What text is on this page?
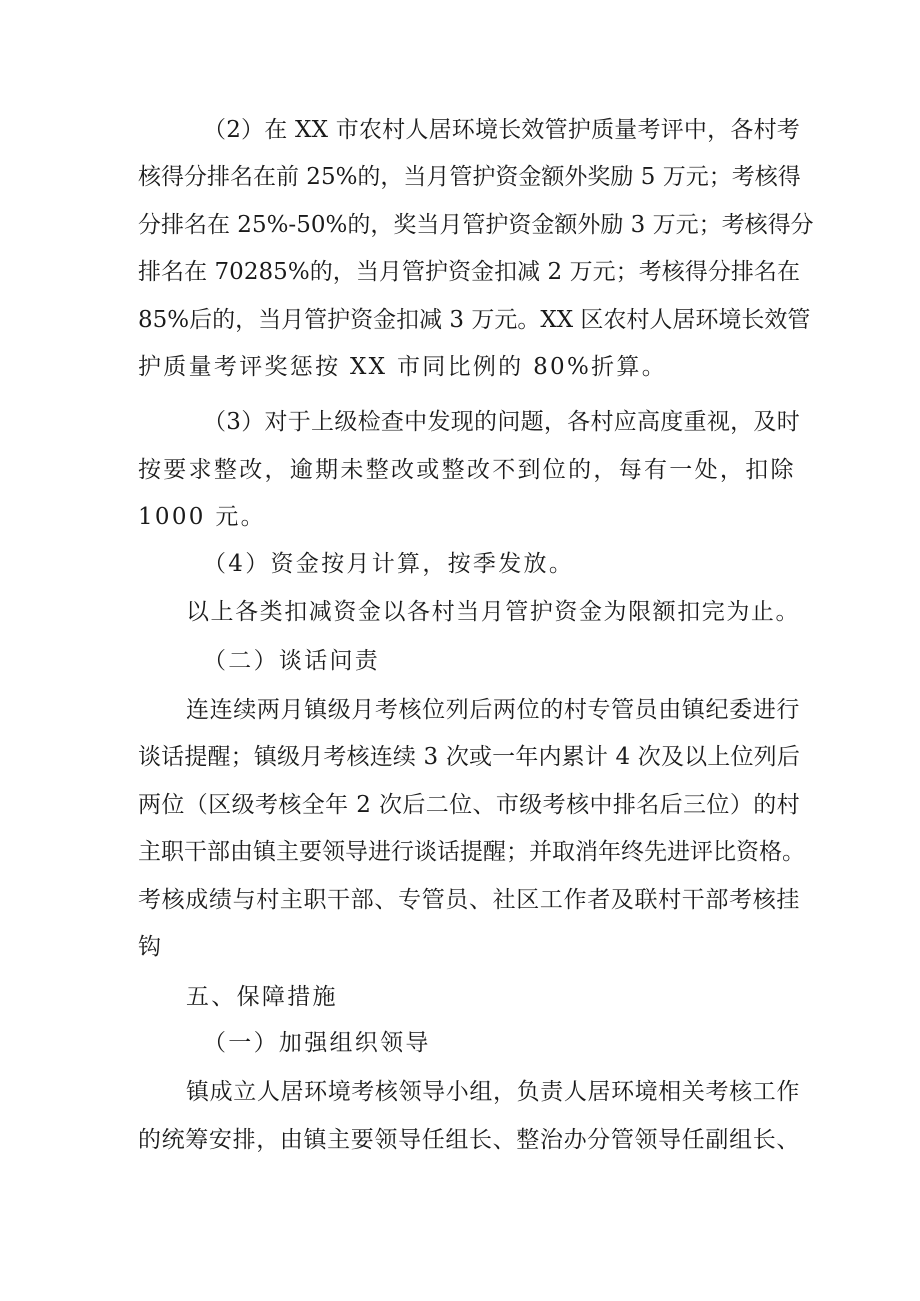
（2）在 XX 市农村人居环境长效管护质量考评中，各村考
核得分排名在前 25%的，当月管护资金额外奖励 5 万元；考核得
分排名在 25%-50%的，奖当月管护资金额外励 3 万元；考核得分
排名在 70285%的，当月管护资金扣减 2 万元；考核得分排名在
85%后的，当月管护资金扣减 3 万元。XX 区农村人居环境长效管
护质量考评奖惩按 XX 市同比例的 80%折算。
（3）对于上级检查中发现的问题，各村应高度重视，及时
按要求整改，逾期未整改或整改不到位的，每有一处，扣除
1000 元。
（4）资金按月计算，按季发放。
以上各类扣减资金以各村当月管护资金为限额扣完为止。
（二）谈话问责
连连续两月镇级月考核位列后两位的村专管员由镇纪委进行
谈话提醒；镇级月考核连续 3 次或一年内累计 4 次及以上位列后
两位（区级考核全年 2 次后二位、市级考核中排名后三位）的村
主职干部由镇主要领导进行谈话提醒；并取消年终先进评比资格。
考核成绩与村主职干部、专管员、社区工作者及联村干部考核挂
钩
五、保障措施
（一）加强组织领导
镇成立人居环境考核领导小组，负责人居环境相关考核工作
的统筹安排，由镇主要领导任组长、整治办分管领导任副组长、
